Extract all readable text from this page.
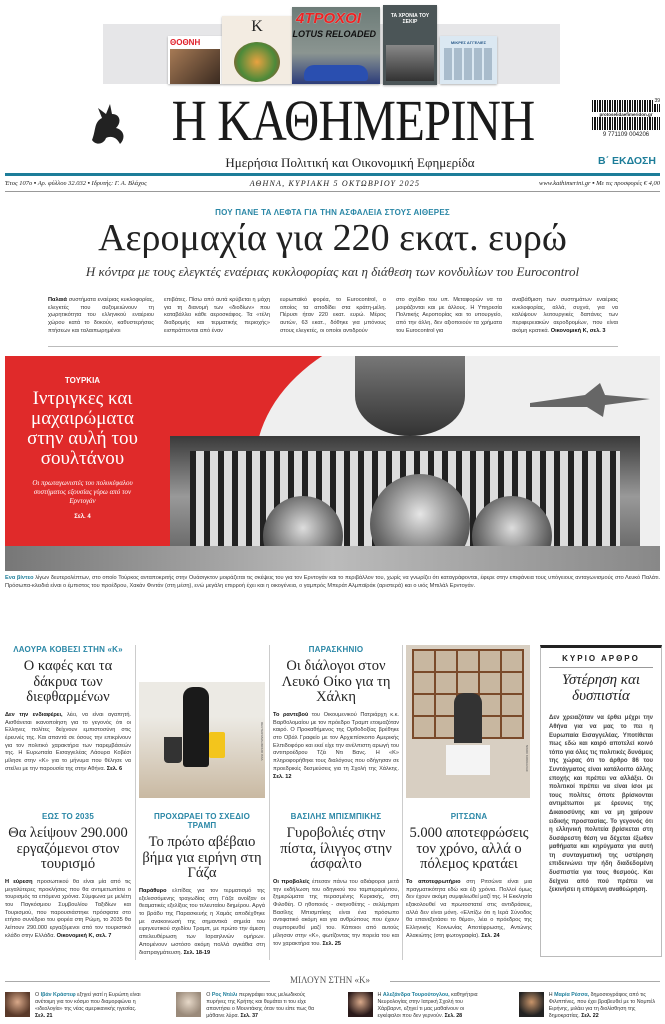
ΘΟΘΝΗ
K	4ΤΡΟΧΟΙ
LOTUS RELOADED
ΤΑ ΧΡΟΝΙΑ ΤΟΥ ΣΕΚΙΡ
ΜΙΚΡΕΣ ΑΓΓΕΛΙΕΣ
Η ΚΑΘΗΜΕΡΙΝΗ	protoselidaefimeridon.gr
39
9 771109 004206
Ημερήσια Πολιτική και Οικονομική Εφημερίδα	Β΄ ΕΚΔΟΣΗ
Έτος 107ο ▪ Αρ. φύλλου 32.032 ▪ Ιδρυτής: Γ. Α. Βλάχος	ΑΘΗΝΑ, ΚΥΡΙΑΚΗ 5 ΟΚΤΩΒΡΙΟΥ 2025	www.kathimerini.gr ▪ Με τις προσφορές € 4,00
ΠΟΥ ΠΑΝΕ ΤΑ ΛΕΦΤΑ ΓΙΑ ΤΗΝ ΑΣΦΑΛΕΙΑ ΣΤΟΥΣ ΑΙΘΕΡΕΣ
Αερομαχία για 220 εκατ. ευρώ
Η κόντρα με τους ελεγκτές εναέριας κυκλοφορίας και η διάθεση των κονδυλίων του Eurocontrol
Παλαιά συστήματα εναέριας κυκλοφορίας, ελεγκτές που αυξομειώνουν τη χωρητικότητα του ελληνικού εναέριου χώρου κατά το δοκούν, καθυστερήσεις πτήσεων και ταλαιπωρημένοι
επιβάτες. Πίσω από αυτά κρύβεται η μάχη για τη διανομή των «διοδίων» που καταβάλλει κάθε αεροσκάφος. Τα «τέλη διαδρομής και τερματικής περιοχής» εισπράττονται από έναν
ευρωπαϊκό φορέα, το Eurocontrol, ο οποίος τα αποδίδει στα κράτη-μέλη. Πέρυσι ήταν 220 εκατ. ευρώ. Μέρος αυτών, 63 εκατ., δόθηκε για μπόνους στους ελεγκτές, οι οποίοι αντιδρούν
στο σχέδιο του υπ. Μεταφορών να τα μοιράζονται και με άλλους. Η Υπηρεσία Πολιτικής Αεροπορίας και το υπουργείο, από την άλλη, δεν αξιοποιούν τα χρήματα του Eurocontrol για
αναβάθμιση των συστημάτων εναέριας κυκλοφορίας, αλλά, συχνά, για να καλύψουν λειτουργικές δαπάνες των περιφερειακών αεροδρομίων, που είναι ακόμη κρατικά. Οικονομική Κ, σελ. 3
ΤΟΥΡΚΙΑ
Ιντριγκες και μαχαιρώματα στην αυλή του σουλτάνου
Οι πρωταγωνιστές του πολυκέφαλου συστήματος εξουσίας γύρω από τον Ερντογάν
Σελ. 4
Ενα βίντεο λίγων δευτερολέπτων, στο οποίο Τούρκος ανταποκριτής στην Ουάσιγκτον μοιράζεται τις σκέψεις του για τον Ερντογάν και το περιβάλλον του, χωρίς να γνωρίζει ότι καταγράφονται, έφερε στην επιφάνεια τους υπόγειους ανταγωνισμούς στο Λευκό Παλάτι. Πρόσωπα-κλειδιά είναι ο έμπιστος του προέδρου, Χακάν Φιντάν (στη μέση), ενώ μεγάλη επιρροή έχει και η οικογένεια, ο γαμπρός Μπεράτ Αλμπαϊράκ (αριστερά) και ο υιός Μπιλάλ Ερντογάν.
ΛΑΟΥΡΑ ΚΟΒΕΣΙ ΣΤΗΝ «Κ»
Ο καφές και τα δάκρυα των διεφθαρμένων
Δεν την ενδιαφέρει, λέει, να είναι αγαπητή. Αισθάνεται ικανοποίηση για το γεγονός ότι οι Ελληνες πολίτες δείχνουν εμπιστοσύνη στις έρευνές της. Και απαντά σε όσους την επικρίνουν για τον πολιτικό χαρακτήρα των παρεμβάσεών της. Η Ευρωπαία Εισαγγελέας Λάουρα Κοβέσι μίλησε στην «Κ» για το μήνυμα που θέλησε να στείλει με την παρουσία της στην Αθήνα. Σελ. 6
REUTERS/MAHMOUD ISSA
ΠΑΡΑΣΚΗΝΙΟ
Οι διάλογοι στον Λευκό Οίκο για τη Χάλκη
Το ραντεβού του Οικουμενικού Πατριάρχη κ.κ. Βαρθολομαίου με τον πρόεδρο Τραμπ ετοιμαζόταν καιρό. Ο Προκαθήμενος της Ορθοδοξίας βρέθηκε στο Οβάλ Γραφείο με τον Αρχιεπίσκοπο Αμερικής Ελπιδοφόρο και εκεί είχε την ανέλπιστη αρωγή του αντιπροέδρου Τζέι Ντι Βανς. Η «Κ» πληροφορήθηκε τους διαλόγους που οδήγησαν σε προεδρικές δεσμεύσεις για τη Σχολή της Χάλκης. Σελ. 12
ΝΙΚΟΣ ΚΟΚΚΑΛΙΑΣ
ΕΩΣ ΤΟ 2035
Θα λείψουν 290.000 εργαζόμενοι στον τουρισμό
Η εύρεση προσωπικού θα είναι μία από τις μεγαλύτερες προκλήσεις που θα αντιμετωπίσει ο τουρισμός τα επόμενα χρόνια. Σύμφωνα με μελέτη του Παγκόσμιου Συμβουλίου Ταξιδίων και Τουρισμού, που παρουσιάστηκε πρόσφατα στο ετήσιο συνέδριο του φορέα στη Ρώμη, το 2035 θα λείπουν 290.000 εργαζόμενοι από τον τουριστικό κλάδο στην Ελλάδα. Οικονομική Κ, σελ. 7
ΠΡΟΧΩΡΑΕΙ ΤΟ ΣΧΕΔΙΟ ΤΡΑΜΠ
Το πρώτο αβέβαιο βήμα για ειρήνη στη Γάζα
Παράθυρο ελπίδας για τον τερματισμό της εξελισσόμενης τραγωδίας στη Γάζα ανοίξαν οι θεαματικές εξελίξεις του τελευταίου διημέρου. Αργά το βράδυ της Παρασκευής η Χαμάς αποδέχθηκε με ανακοινωσή της σημαντικά σημεία του ειρηνευτικού σχεδίου Τραμπ, με πρώτο την άμεση απελευθέρωση των Ισραηλινών ομήρων. Απομένουν ωστόσο ακόμη πολλά αγκάθια στη διαπραγμάτευση. Σελ. 18-19
ΒΑΣΙΛΗΣ ΜΠΙΣΜΠΙΚΗΣ
Γυροβολιές στην πίστα, ίλιγγος στην άσφαλτο
Οι προβολείς έπεσαν πάνω του αδιάφοροι μετά την εκδήλωση του οδηγικού του ταμπεραμέντου, ξημερώματα της περασμένης Κυριακής, στη Φιλοθέη. Ο ηθοποιός - σκηνοθέτης - σελέμπριτι Βασίλης Μπισμπίκης είναι ένα πρόσωπο αντιφατικό ακόμη και για ανθρώπους που έχουν συμπορευθεί μαζί του. Κάποιοι από αυτούς μίλησαν στην «Κ», φωτίζοντας την πορεία του και τον χαρακτήρα του. Σελ. 25
ΡΙΤΣΩΝΑ
5.000 αποτεφρώσεις τον χρόνο, αλλά ο πόλεμος κρατάει
Το αποτεφρωτήριο στη Ριτσώνα είναι μια πραγματικότητα εδώ και έξι χρόνια. Πολλοί όμως δεν έχουν ακόμη συμφιλιωθεί μαζί της. Η Εκκλησία εξακολουθεί να πρωτοστατεί στις αντιδράσεις, αλλά δεν είναι μόνη. «Ελπίζω ότι η Ιερά Σύνοδος θα επανεξετάσει το θέμα», λέει ο πρόεδρος της Ελληνικής Κοινωνίας Αποτέφρωσης, Αντώνης Αλακιώτης (στη φωτογραφία). Σελ. 24
ΚΥΡΙΟ ΑΡΘΡΟ
Υστέρηση και δυσπιστία
Δεν χρειαζόταν να έρθει μέχρι την Αθήνα για να μας το πει η Ευρωπαία Εισαγγελέας. Υποτίθεται πως εδώ και καιρό αποτελεί κοινό τόπο για όλες τις πολιτικές δυνάμεις της χώρας ότι το άρθρο 86 του Συντάγματος είναι κατάλοιπο άλλης εποχής και πρέπει να αλλάξει. Οι πολιτικοί πρέπει να είναι ίσοι με τους πολίτες όποτε βρίσκονται αντιμέτωποι με έρευνες της Δικαιοσύνης και να μη χαίρουν ειδικής προστασίας. Το γεγονός ότι η ελληνική πολιτεία βρίσκεται στη δυσάρεστη θέση να δέχεται έξωθεν μαθήματα και κηρύγματα για αυτή τη συνταγματική της υστέρηση επιδεινώνει την ήδη διαδεδομένη δυσπιστία για τους θεσμούς. Και δείχνει από πού πρέπει να ξεκινήσει η επόμενη αναθεώρηση.
ΜΙΛΟΥΝ ΣΤΗΝ «Κ»
Ο Ιβάν Κράστεφ εξηγεί γιατί η Ευρώπη είναι ανέτοιμη για τον κόσμο που διαμορφώνει η «ιδεολογία» της νέας αμερικανικής ηγεσίας. Σελ. 21
Ο Ρος Ντέιλι περιγράφει τους μελωδικούς πυρήνες της Κρήτης και θυμάται τι του είχε απαντήσει ο Μουντάκης όταν του είπε πως θα μάθαινε λύρα. Σελ. 37
Η Αλεξάνδρα Τουρούτογλου, καθηγήτρια Νευρολογίας στην Ιατρική Σχολή του Χάρβαρντ, εξηγεί τι μας μαθαίνουν οι εγκέφαλοι που δεν γερνούν. Σελ. 28
Η Μαρία Ρέσσα, δημοσιογράφος από τις Φιλιππίνες, που έχει βραβευθεί με το Νομπέλ Ειρήνης, μιλάει για τη διολίσθηση της δημοκρατίας. Σελ. 22
